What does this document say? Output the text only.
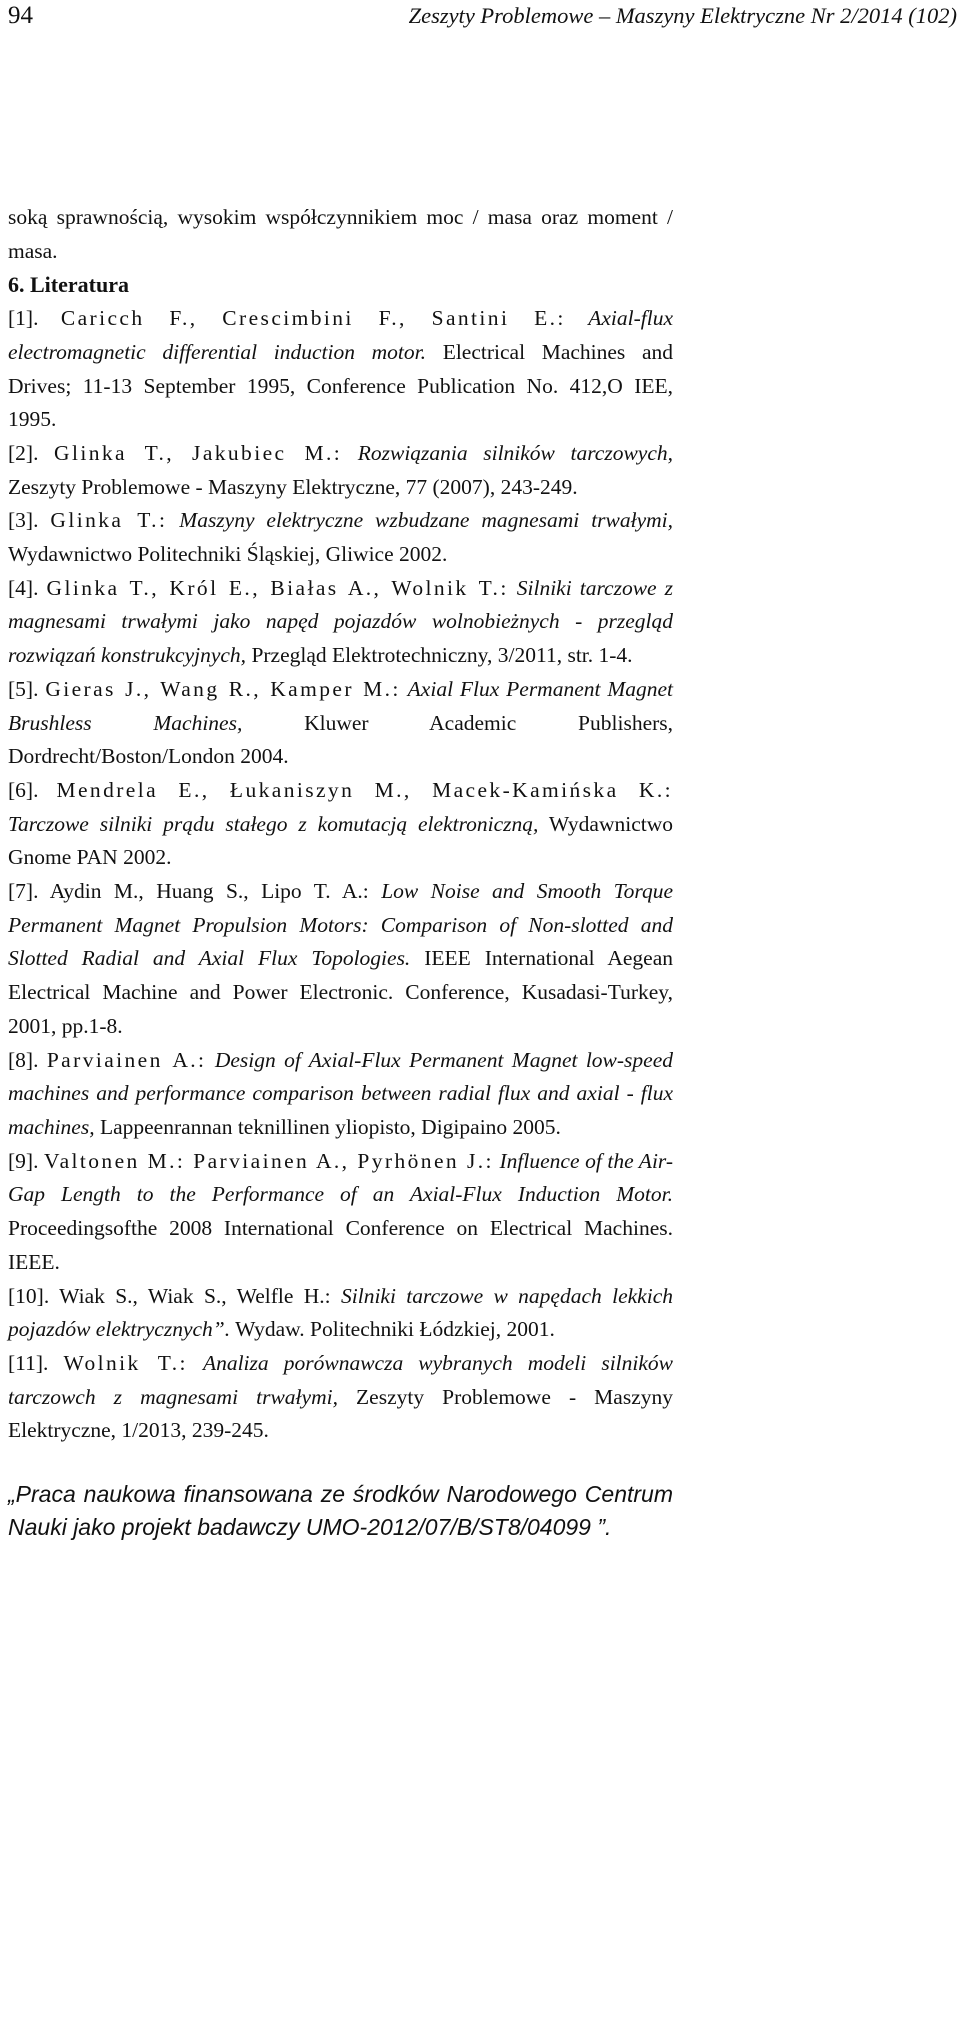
94	Zeszyty Problemowe – Maszyny Elektryczne Nr 2/2014 (102)

soką sprawnością, wysokim współczynnikiem moc / masa oraz moment / masa.

6. Literatura

[1]. Caricch F., Crescimbini F., Santini E.: Axial-flux electromagnetic differential induction motor. Electrical Machines and Drives; 11-13 September 1995, Conference Publication No. 412,O IEE, 1995.

[2]. Glinka T., Jakubiec M.: Rozwiązania silników tarczowych, Zeszyty Problemowe - Maszyny Elektryczne, 77 (2007), 243-249.

[3]. Glinka T.: Maszyny elektryczne wzbudzane magnesami trwałymi, Wydawnictwo Politechniki Śląskiej, Gliwice 2002.

[4]. Glinka T., Król E., Białas A., Wolnik T.: Silniki tarczowe z magnesami trwałymi jako napęd pojazdów wolnobieżnych - przegląd rozwiązań konstrukcyjnych, Przegląd Elektrotechniczny, 3/2011, str. 1-4.

[5]. Gieras J., Wang R., Kamper M.: Axial Flux Permanent Magnet Brushless Machines,	Kluwer Academic Publishers, Dordrecht/Boston/London 2004.

[6]. Mendrela E., Łukaniszyn M., Macek-Kamińska K.: Tarczowe silniki prądu stałego z komutacją elektroniczną, Wydawnictwo Gnome PAN 2002.

[7]. Aydin M., Huang S., Lipo T. A.: Low Noise and Smooth Torque Permanent Magnet Propulsion Motors: Comparison of Non-slotted and Slotted Radial and Axial Flux Topologies. IEEE International Aegean Electrical Machine and Power Electronic. Conference, Kusadasi-Turkey, 2001, pp.1-8.

[8]. Parviainen A.: Design of Axial-Flux Permanent Magnet low-speed machines and performance comparison between radial flux and axial - flux machines, Lappeenrannan teknillinen yliopisto, Digipaino 2005.

[9]. Valtonen M.: Parviainen A., Pyrhönen J.: Influence of the Air-Gap Length to the Performance of an Axial-Flux Induction Motor. Proceedingsofthe 2008 International Conference on Electrical Machines. IEEE.

[10]. Wiak S., Wiak S., Welfle H.: Silniki tarczowe w napędach lekkich pojazdów elektrycznych”. Wydaw. Politechniki Łódzkiej, 2001.

[11]. Wolnik T.: Analiza porównawcza wybranych modeli silników tarczowch z magnesami trwałymi, Zeszyty Problemowe - Maszyny Elektryczne, 1/2013, 239-245.

„Praca naukowa finansowana ze środków Narodowego Centrum Nauki jako projekt badawczy UMO-2012/07/B/ST8/04099 ”.
